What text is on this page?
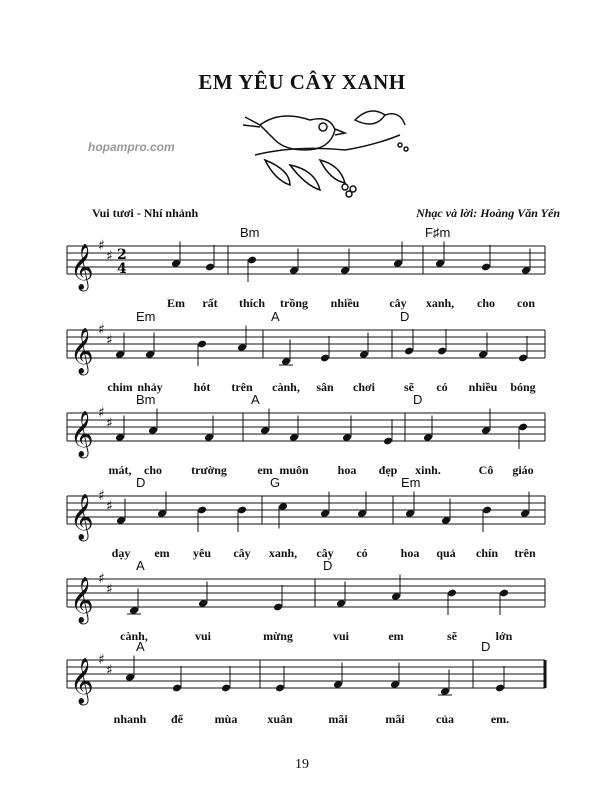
EM YÊU CÂY XANH
hopampro.com
Vui tươi - Nhí nhảnh	Nhạc và lời: Hoàng Văn Yến
𝄞 ♯
♯ 2
4
Bm	F♯m
Em rất thích trồng nhiều cây xanh, cho con
𝄞 ♯
♯
Em	A	D
chim nhảy	hót trên cành, sân chơi sẽ có nhiều bóng
𝄞 ♯
♯
Bm	A	D
mát, cho trường	em muôn hoa đẹp xinh.	Cô giáo
𝄞 ♯
♯
D	G	Em
dạy em yêu cây xanh, cây có	hoa quả chín trên
𝄞 ♯
♯
A	D
cành,	vui	mừng	vui	em	sẽ	lớn
𝄞 ♯
♯
A	D
nhanh để	mùa xuân	mãi	mãi	của	em.
19
